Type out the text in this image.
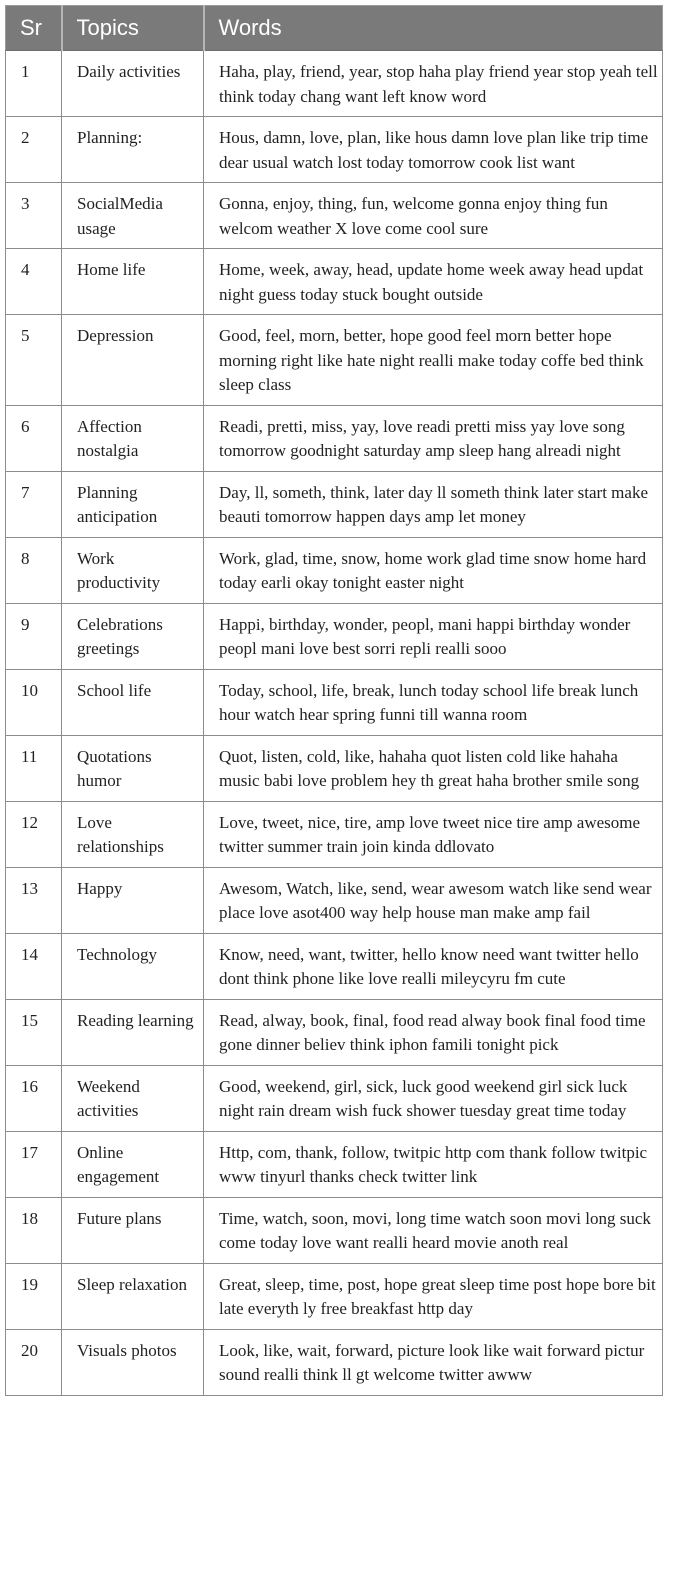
Sr	Topics	Words
1	Daily activities	Haha, play, friend, year, stop haha play friend year stop yeah tell think today chang want left know word
2	Planning:	Hous, damn, love, plan, like hous damn love plan like trip time dear usual watch lost today tomorrow cook list want
3	SocialMedia usage	Gonna, enjoy, thing, fun, welcome gonna enjoy thing fun welcom weather X love come cool sure
4	Home life	Home, week, away, head, update home week away head updat night guess today stuck bought outside
5	Depression	Good, feel, morn, better, hope good feel morn better hope morning right like hate night realli make today coffe bed think sleep class
6	Affection nostalgia	Readi, pretti, miss, yay, love readi pretti miss yay love song tomorrow goodnight saturday amp sleep hang alreadi night
7	Planning anticipation	Day, ll, someth, think, later day ll someth think later start make beauti tomorrow happen days amp let money
8	Work productivity	Work, glad, time, snow, home work glad time snow home hard today earli okay tonight easter night
9	Celebrations greetings	Happi, birthday, wonder, peopl, mani happi birthday wonder peopl mani love best sorri repli realli sooo
10	School life	Today, school, life, break, lunch today school life break lunch hour watch hear spring funni till wanna room
11	Quotations humor	Quot, listen, cold, like, hahaha quot listen cold like hahaha music babi love problem hey th great haha brother smile song
12	Love relationships	Love, tweet, nice, tire, amp love tweet nice tire amp awesome twitter summer train join kinda ddlovato
13	Happy	Awesom, Watch, like, send, wear awesom watch like send wear place love asot400 way help house man make amp fail
14	Technology	Know, need, want, twitter, hello know need want twitter hello dont think phone like love realli mileycyru fm cute
15	Reading learning	Read, alway, book, final, food read alway book final food time gone dinner believ think iphon famili tonight pick
16	Weekend activities	Good, weekend, girl, sick, luck good weekend girl sick luck night rain dream wish fuck shower tuesday great time today
17	Online engagement	Http, com, thank, follow, twitpic http com thank follow twitpic www tinyurl thanks check twitter link
18	Future plans	Time, watch, soon, movi, long time watch soon movi long suck come today love want realli heard movie anoth real
19	Sleep relaxation	Great, sleep, time, post, hope great sleep time post hope bore bit late everyth ly free breakfast http day
20	Visuals photos	Look, like, wait, forward, picture look like wait forward pictur sound realli think ll gt welcome twitter awww
